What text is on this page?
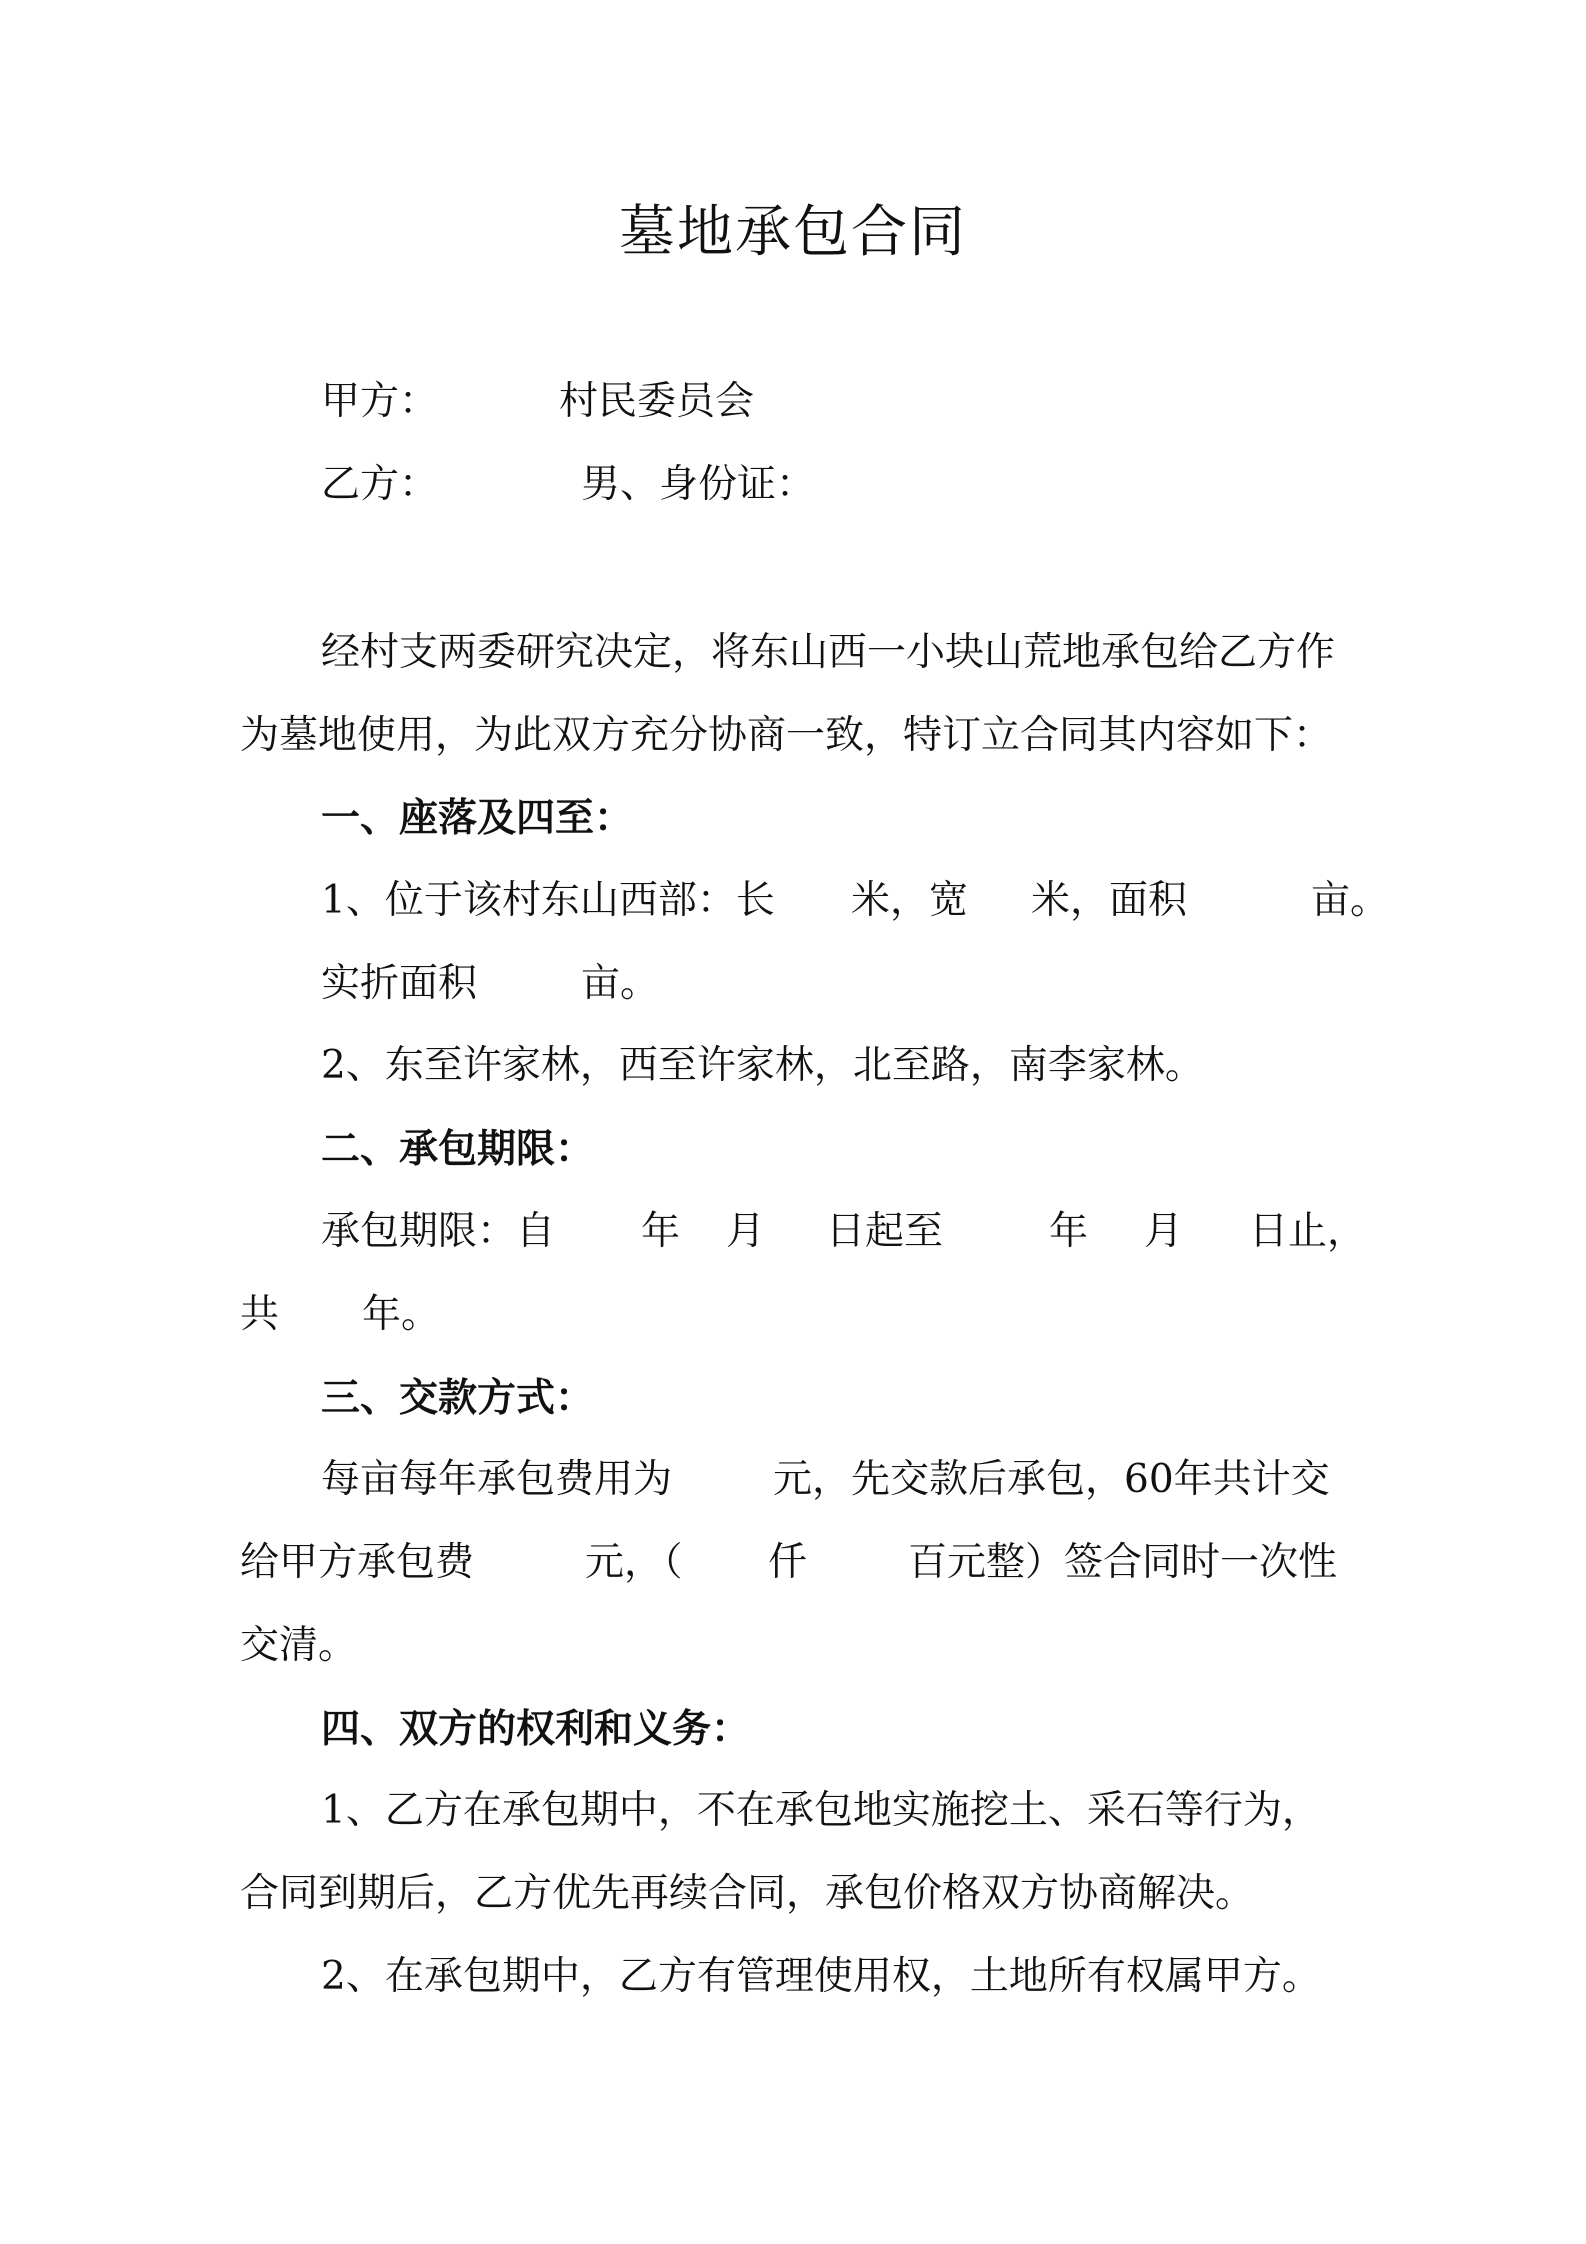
墓地承包合同
甲方：	村民委员会
乙方：	男、身份证：
经村支两委研究决定，将东山西一小块山荒地承包给乙方作
为墓地使用，为此双方充分协商一致，特订立合同其内容如下：
一、座落及四至：
1、位于该村东山西部：长 米，宽 米，面积	亩。
实折面积	亩。
2、东至许家林，西至许家林，北至路，南李家林。
二、承包期限：
承包期限：自 年 月 日起至	年 月 日止，
共 年。
三、交款方式：
每亩每年承包费用为	元，先交款后承包，60年共计交
给甲方承包费	元，（ 仟	百元整）签合同时一次性
交清。
四、双方的权利和义务：
1、乙方在承包期中，不在承包地实施挖土、采石等行为，
合同到期后，乙方优先再续合同，承包价格双方协商解决。
2、在承包期中，乙方有管理使用权，土地所有权属甲方。
